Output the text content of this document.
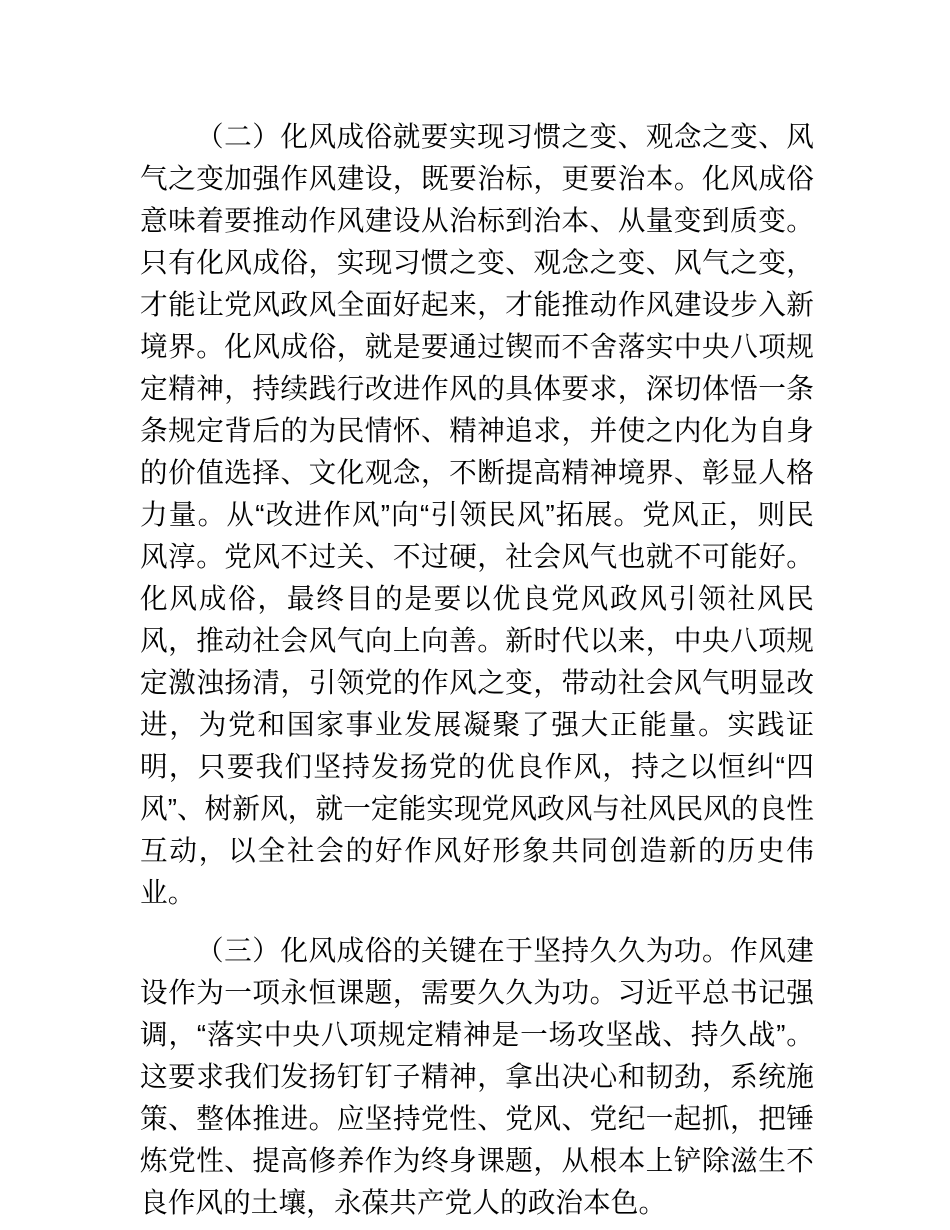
（二）化风成俗就要实现习惯之变、观念之变、风气之变加强作风建设，既要治标，更要治本。化风成俗意味着要推动作风建设从治标到治本、从量变到质变。只有化风成俗，实现习惯之变、观念之变、风气之变，才能让党风政风全面好起来，才能推动作风建设步入新境界。化风成俗，就是要通过锲而不舍落实中央八项规定精神，持续践行改进作风的具体要求，深切体悟一条条规定背后的为民情怀、精神追求，并使之内化为自身的价值选择、文化观念，不断提高精神境界、彰显人格力量。从“改进作风”向“引领民风”拓展。党风正，则民风淳。党风不过关、不过硬，社会风气也就不可能好。化风成俗，最终目的是要以优良党风政风引领社风民风，推动社会风气向上向善。新时代以来，中央八项规定激浊扬清，引领党的作风之变，带动社会风气明显改进，为党和国家事业发展凝聚了强大正能量。实践证明，只要我们坚持发扬党的优良作风，持之以恒纠“四风”、树新风，就一定能实现党风政风与社风民风的良性互动，以全社会的好作风好形象共同创造新的历史伟业。

（三）化风成俗的关键在于坚持久久为功。作风建设作为一项永恒课题，需要久久为功。习近平总书记强调，“落实中央八项规定精神是一场攻坚战、持久战”。这要求我们发扬钉钉子精神，拿出决心和韧劲，系统施策、整体推进。应坚持党性、党风、党纪一起抓，把锤炼党性、提高修养作为终身课题，从根本上铲除滋生不良作风的土壤，永葆共产党人的政治本色。
